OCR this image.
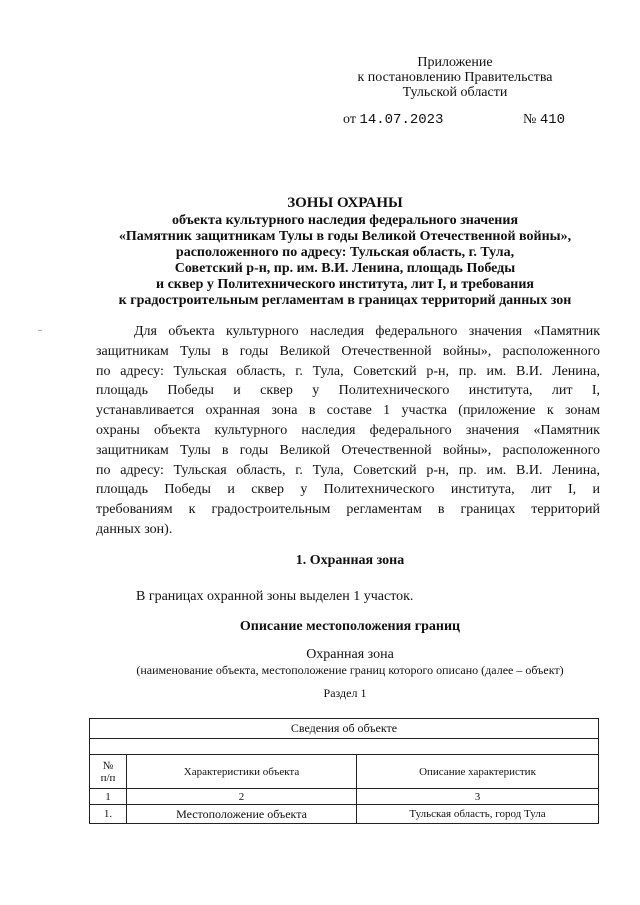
Приложение
к постановлению Правительства
Тульской области
от 14.07.2023	№ 410
ЗОНЫ ОХРАНЫ
объекта культурного наследия федерального значения
«Памятник защитникам Тулы в годы Великой Отечественной войны»,
расположенного по адресу: Тульская область, г. Тула,
Советский р-н, пр. им. В.И. Ленина, площадь Победы
и сквер у Политехнического института, лит I, и требования
к градостроительным регламентам в границах территорий данных зон
Для объекта культурного наследия федерального значения «Памятник
защитникам Тулы в годы Великой Отечественной войны», расположенного
по адресу: Тульская область, г. Тула, Советский р-н, пр. им. В.И. Ленина,
площадь Победы и сквер у Политехнического института, лит I,
устанавливается охранная зона в составе 1 участка (приложение к зонам
охраны объекта культурного наследия федерального значения «Памятник
защитникам Тулы в годы Великой Отечественной войны», расположенного
по адресу: Тульская область, г. Тула, Советский р-н, пр. им. В.И. Ленина,
площадь Победы и сквер у Политехнического института, лит I, и
требованиям к градостроительным регламентам в границах территорий
данных зон).
1. Охранная зона
В границах охранной зоны выделен 1 участок.
Описание местоположения границ
Охранная зона
(наименование объекта, местоположение границ которого описано (далее – объект)
Раздел 1
Сведения об объекте		

№
п/п	Характеристики объекта	Описание характеристик
1	2	3
1.	Местоположение объекта	Тульская область, город Тула
